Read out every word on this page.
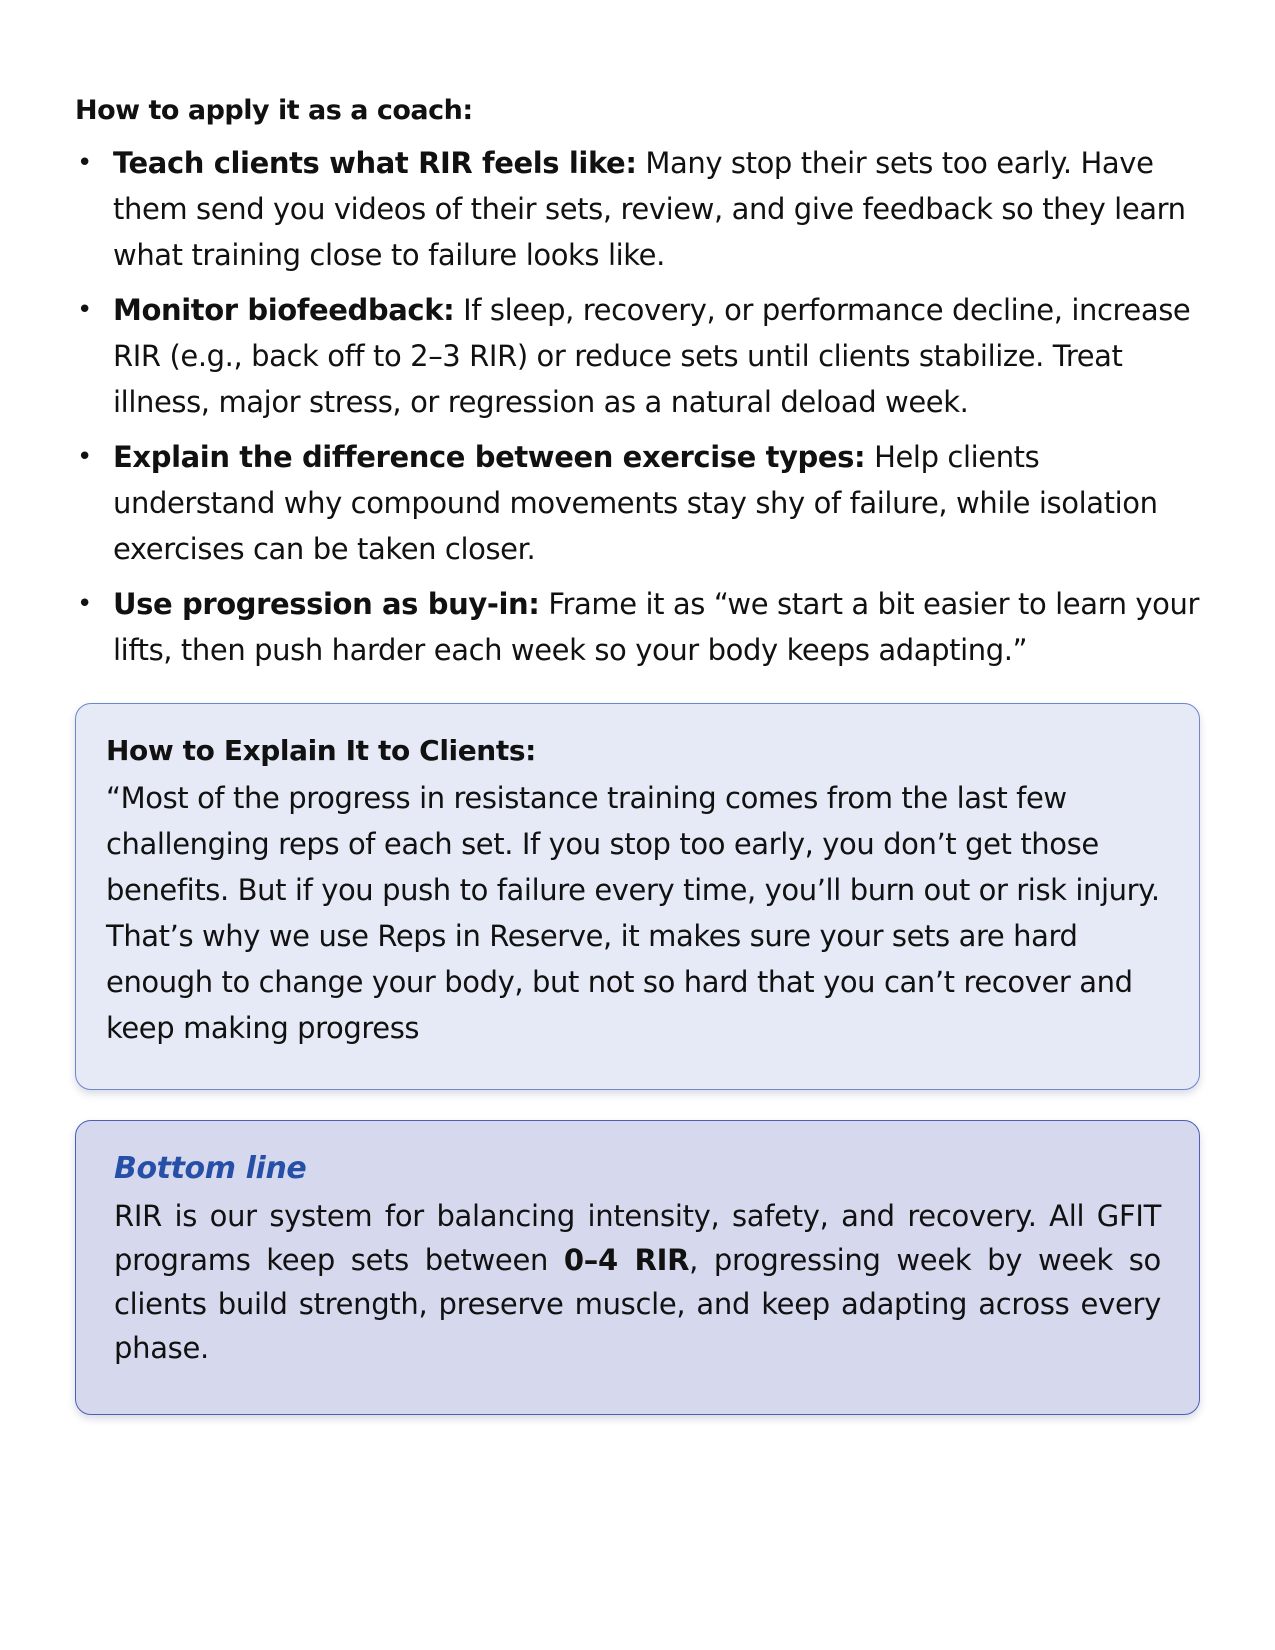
How to apply it as a coach:
• Teach clients what RIR feels like: Many stop their sets too early. Have them send you videos of their sets, review, and give feedback so they learn what training close to failure looks like.
• Monitor biofeedback: If sleep, recovery, or performance decline, increase RIR (e.g., back off to 2–3 RIR) or reduce sets until clients stabilize. Treat illness, major stress, or regression as a natural deload week.
• Explain the difference between exercise types: Help clients understand why compound movements stay shy of failure, while isolation exercises can be taken closer.
• Use progression as buy-in: Frame it as “we start a bit easier to learn your lifts, then push harder each week so your body keeps adapting.”
How to Explain It to Clients:

“Most of the progress in resistance training comes from the last few challenging reps of each set. If you stop too early, you don’t get those benefits. But if you push to failure every time, you’ll burn out or risk injury. That’s why we use Reps in Reserve, it makes sure your sets are hard enough to change your body, but not so hard that you can’t recover and keep making progress

Bottom line

RIR is our system for balancing intensity, safety, and recovery. All GFIT programs keep sets between 0–4 RIR, progressing week by week so clients build strength, preserve muscle, and keep adapting across every phase.
